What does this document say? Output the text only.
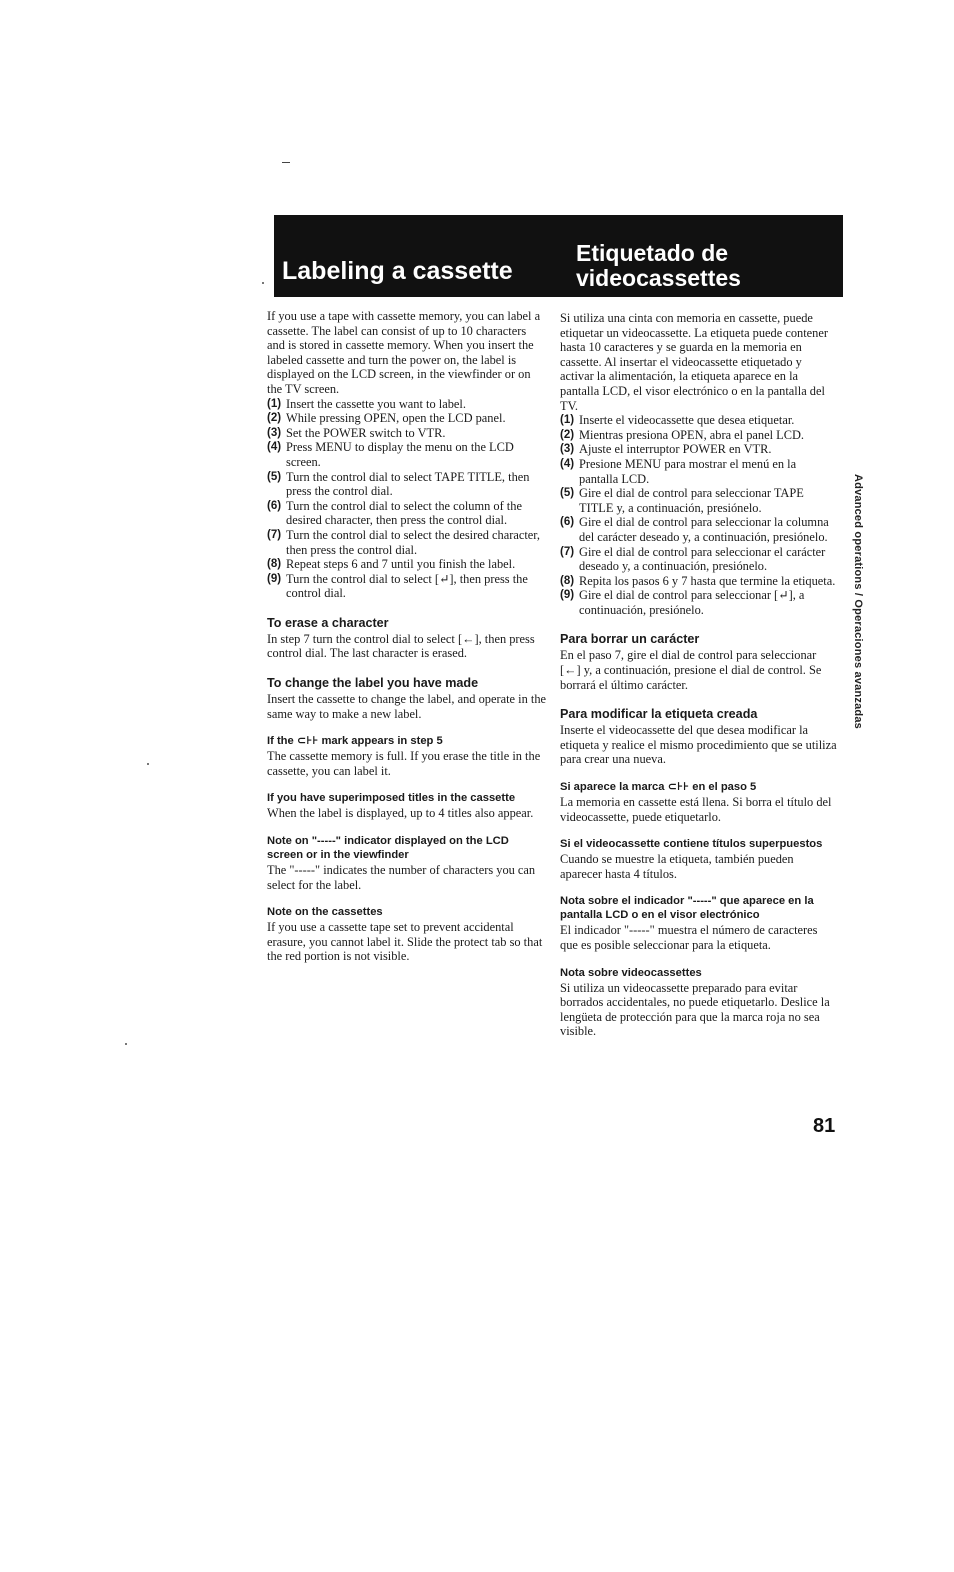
Labeling a cassette
Etiquetado de
videocassettes

If you use a tape with cassette memory, you can label a cassette. The label can consist of up to 10 characters and is stored in cassette memory. When you insert the labeled cassette and turn the power on, the label is displayed on the LCD screen, in the viewfinder or on the TV screen.

(1) Insert the cassette you want to label.
(2) While pressing OPEN, open the LCD panel.
(3) Set the POWER switch to VTR.
(4) Press MENU to display the menu on the LCD screen.
(5) Turn the control dial to select TAPE TITLE, then press the control dial.
(6) Turn the control dial to select the column of the desired character, then press the control dial.
(7) Turn the control dial to select the desired character, then press the control dial.
(8) Repeat steps 6 and 7 until you finish the label.
(9) Turn the control dial to select [↵], then press the control dial.
To erase a character

In step 7 turn the control dial to select [←], then press control dial. The last character is erased.

To change the label you have made

Insert the cassette to change the label, and operate in the same way to make a new label.

If the ⊂⊦⊦ mark appears in step 5

The cassette memory is full. If you erase the title in the cassette, you can label it.

If you have superimposed titles in the cassette

When the label is displayed, up to 4 titles also appear.

Note on "-----" indicator displayed on the LCD screen or in the viewfinder

The "-----" indicates the number of characters you can select for the label.

Note on the cassettes

If you use a cassette tape set to prevent accidental erasure, you cannot label it. Slide the protect tab so that the red portion is not visible.

Si utiliza una cinta con memoria en cassette, puede etiquetar un videocassette. La etiqueta puede contener hasta 10 caracteres y se guarda en la memoria en cassette. Al insertar el videocassette etiquetado y activar la alimentación, la etiqueta aparece en la pantalla LCD, el visor electrónico o en la pantalla del TV.

(1) Inserte el videocassette que desea etiquetar.
(2) Mientras presiona OPEN, abra el panel LCD.
(3) Ajuste el interruptor POWER en VTR.
(4) Presione MENU para mostrar el menú en la pantalla LCD.
(5) Gire el dial de control para seleccionar TAPE TITLE y, a continuación, presiónelo.
(6) Gire el dial de control para seleccionar la columna del carácter deseado y, a continuación, presiónelo.
(7) Gire el dial de control para seleccionar el carácter deseado y, a continuación, presiónelo.
(8) Repita los pasos 6 y 7 hasta que termine la etiqueta.
(9) Gire el dial de control para seleccionar [↵], a continuación, presiónelo.
Para borrar un carácter

En el paso 7, gire el dial de control para seleccionar [←] y, a continuación, presione el dial de control. Se borrará el último carácter.

Para modificar la etiqueta creada

Inserte el videocassette del que desea modificar la etiqueta y realice el mismo procedimiento que se utiliza para crear una nueva.

Si aparece la marca ⊂⊦⊦ en el paso 5

La memoria en cassette está llena. Si borra el título del videocassette, puede etiquetarlo.

Si el videocassette contiene títulos superpuestos

Cuando se muestre la etiqueta, también pueden aparecer hasta 4 títulos.

Nota sobre el indicador "-----" que aparece en la pantalla LCD o en el visor electrónico

El indicador "-----" muestra el número de caracteres que es posible seleccionar para la etiqueta.

Nota sobre videocassettes

Si utiliza un videocassette preparado para evitar borrados accidentales, no puede etiquetarlo. Deslice la lengüeta de protección para que la marca roja no sea visible.

Advanced operations / Operaciones avanzadas
81
